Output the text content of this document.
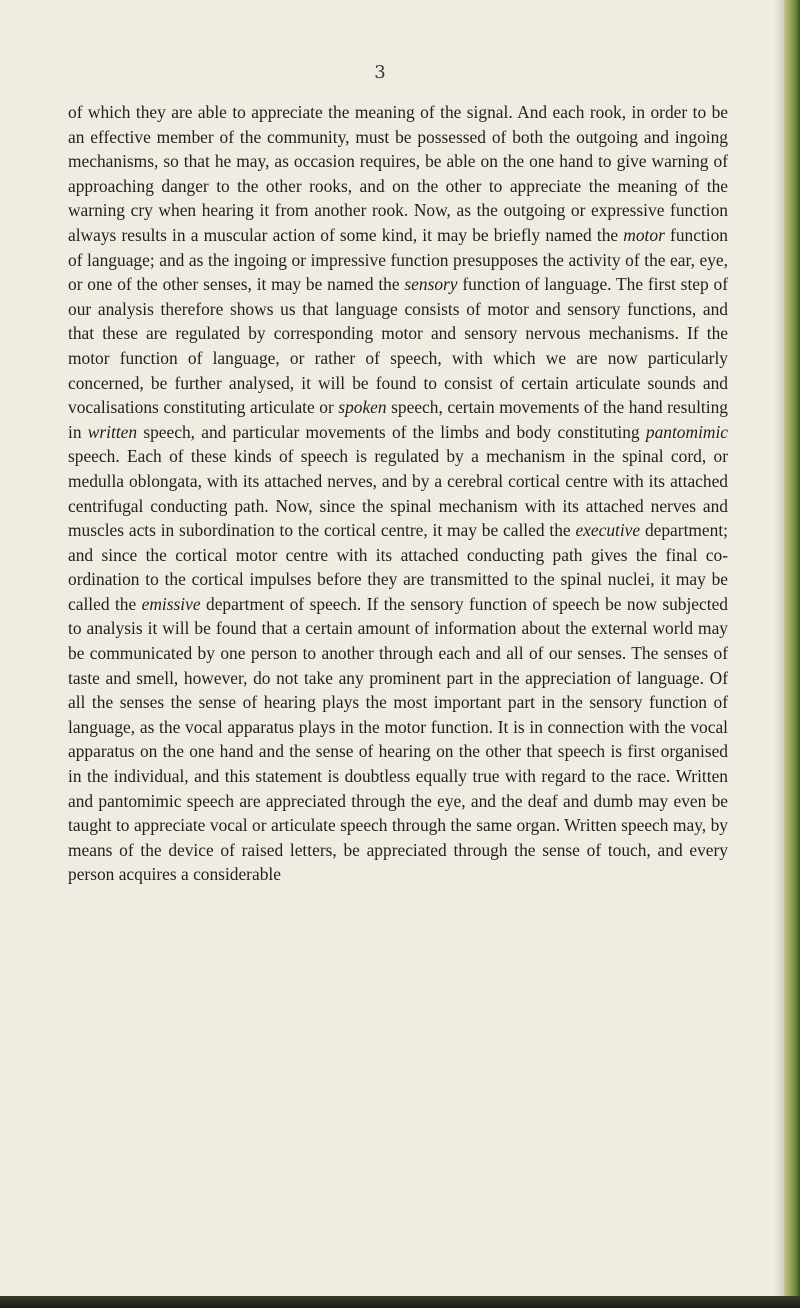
3

of which they are able to appreciate the meaning of the signal. And each rook, in order to be an effective member of the community, must be possessed of both the outgoing and ingoing mechanisms, so that he may, as occasion requires, be able on the one hand to give warning of approaching danger to the other rooks, and on the other to appreciate the meaning of the warning cry when hearing it from another rook. Now, as the outgoing or expressive function always results in a muscular action of some kind, it may be briefly named the motor function of language; and as the ingoing or impressive function presupposes the activity of the ear, eye, or one of the other senses, it may be named the sensory function of language. The first step of our analysis therefore shows us that language consists of motor and sensory functions, and that these are regulated by corresponding motor and sensory nervous mechanisms. If the motor function of language, or rather of speech, with which we are now particularly concerned, be further analysed, it will be found to consist of certain articulate sounds and vocalisations constituting articulate or spoken speech, certain movements of the hand resulting in written speech, and particular movements of the limbs and body constituting pantomimic speech. Each of these kinds of speech is regulated by a mechanism in the spinal cord, or medulla oblongata, with its attached nerves, and by a cerebral cortical centre with its attached centrifugal conducting path. Now, since the spinal mechanism with its attached nerves and muscles acts in subordination to the cortical centre, it may be called the executive department; and since the cortical motor centre with its attached conducting path gives the final co-ordination to the cortical impulses before they are transmitted to the spinal nuclei, it may be called the emissive department of speech. If the sensory function of speech be now subjected to analysis it will be found that a certain amount of information about the external world may be communicated by one person to another through each and all of our senses. The senses of taste and smell, however, do not take any prominent part in the appreciation of language. Of all the senses the sense of hearing plays the most important part in the sensory function of language, as the vocal apparatus plays in the motor function. It is in connection with the vocal apparatus on the one hand and the sense of hearing on the other that speech is first organised in the individual, and this statement is doubtless equally true with regard to the race. Written and pantomimic speech are appreciated through the eye, and the deaf and dumb may even be taught to appreciate vocal or articulate speech through the same organ. Written speech may, by means of the device of raised letters, be appreciated through the sense of touch, and every person acquires a considerable
